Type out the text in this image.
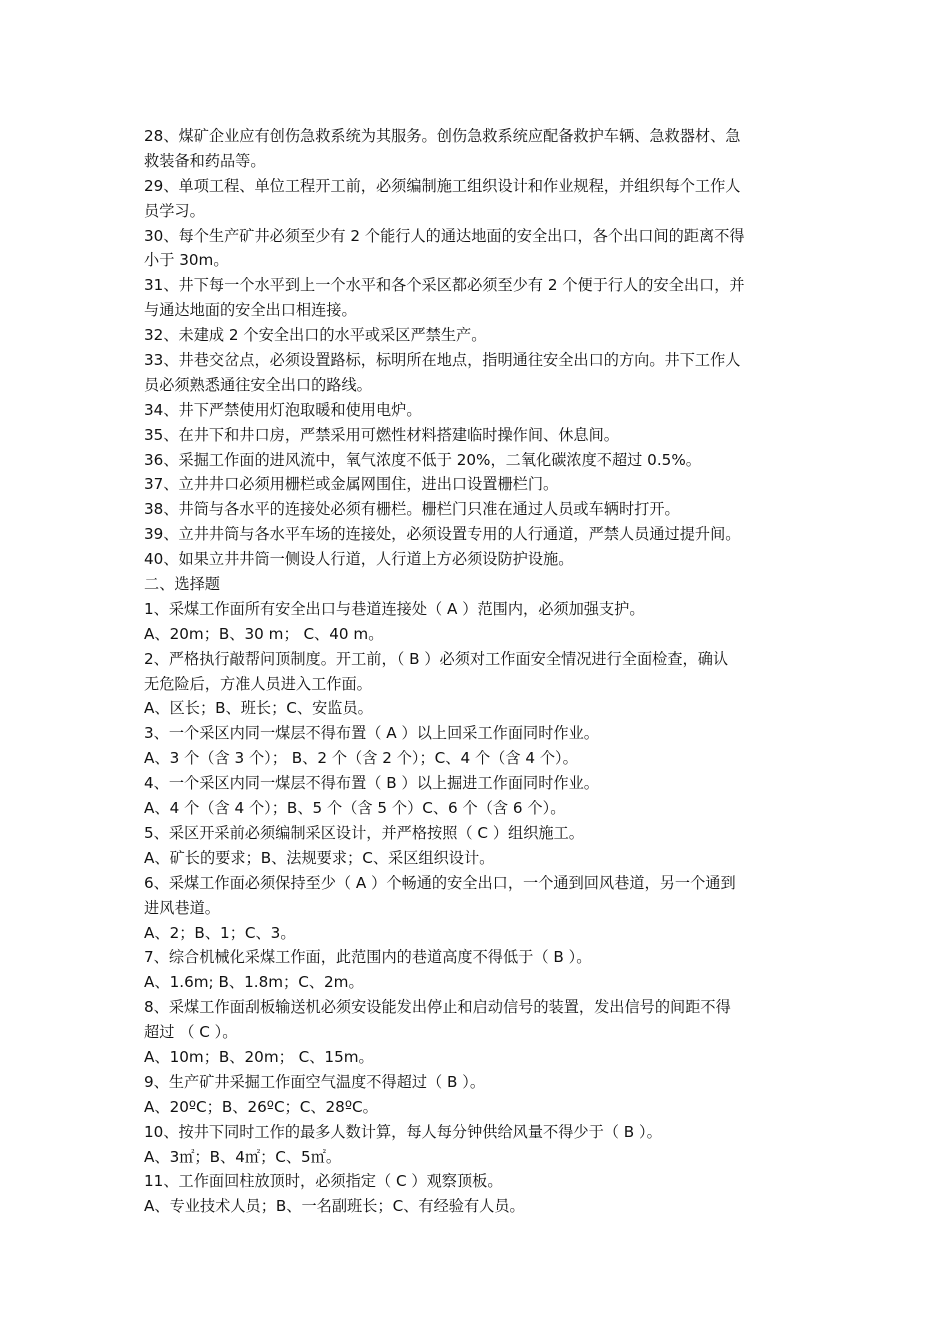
28、煤矿企业应有创伤急救系统为其服务。创伤急救系统应配备救护车辆、急救器材、急
救装备和药品等。
29、单项工程、单位工程开工前，必须编制施工组织设计和作业规程，并组织每个工作人
员学习。
30、每个生产矿井必须至少有 2 个能行人的通达地面的安全出口，各个出口间的距离不得
小于 30m。
31、井下每一个水平到上一个水平和各个采区都必须至少有 2 个便于行人的安全出口，并
与通达地面的安全出口相连接。
32、未建成 2 个安全出口的水平或采区严禁生产。
33、井巷交岔点，必须设置路标，标明所在地点，指明通往安全出口的方向。井下工作人
员必须熟悉通往安全出口的路线。
34、井下严禁使用灯泡取暖和使用电炉。
35、在井下和井口房，严禁采用可燃性材料搭建临时操作间、休息间。
36、采掘工作面的进风流中，氧气浓度不低于 20%，二氧化碳浓度不超过 0.5%。
37、立井井口必须用栅栏或金属网围住，进出口设置栅栏门。
38、井筒与各水平的连接处必须有栅栏。栅栏门只准在通过人员或车辆时打开。
39、立井井筒与各水平车场的连接处，必须设置专用的人行通道，严禁人员通过提升间。
40、如果立井井筒一侧设人行道，人行道上方必须设防护设施。
二、选择题
1、采煤工作面所有安全出口与巷道连接处（ A ）范围内，必须加强支护。
A、20m；B、30 m； C、40 m。
2、严格执行敲帮问顶制度。开工前，（ B ）必须对工作面安全情况进行全面检查，确认
无危险后，方准人员进入工作面。
A、区长；B、班长；C、安监员。
3、一个采区内同一煤层不得布置（ A ）以上回采工作面同时作业。
A、3 个（含 3 个）； B、2 个（含 2 个）；C、4 个（含 4 个）。
4、一个采区内同一煤层不得布置（ B ）以上掘进工作面同时作业。
A、4 个（含 4 个）；B、5 个（含 5 个）C、6 个（含 6 个）。
5、采区开采前必须编制采区设计，并严格按照（ C ）组织施工。
A、矿长的要求；B、法规要求；C、采区组织设计。
6、采煤工作面必须保持至少（ A ）个畅通的安全出口，一个通到回风巷道，另一个通到
进风巷道。
A、2；B、1；C、3。
7、综合机械化采煤工作面，此范围内的巷道高度不得低于（ B ）。
A、1.6m; B、1.8m；C、2m。
8、采煤工作面刮板输送机必须安设能发出停止和启动信号的装置，发出信号的间距不得
超过 （ C ）。
A、10m；B、20m； C、15m。
9、生产矿井采掘工作面空气温度不得超过（ B ）。
A、20ºC；B、26ºC；C、28ºC。
10、按井下同时工作的最多人数计算，每人每分钟供给风量不得少于（ B ）。
A、3㎡；B、4㎡；C、5㎡。
11、工作面回柱放顶时，必须指定（ C ）观察顶板。
A、专业技术人员；B、一名副班长；C、有经验有人员。
